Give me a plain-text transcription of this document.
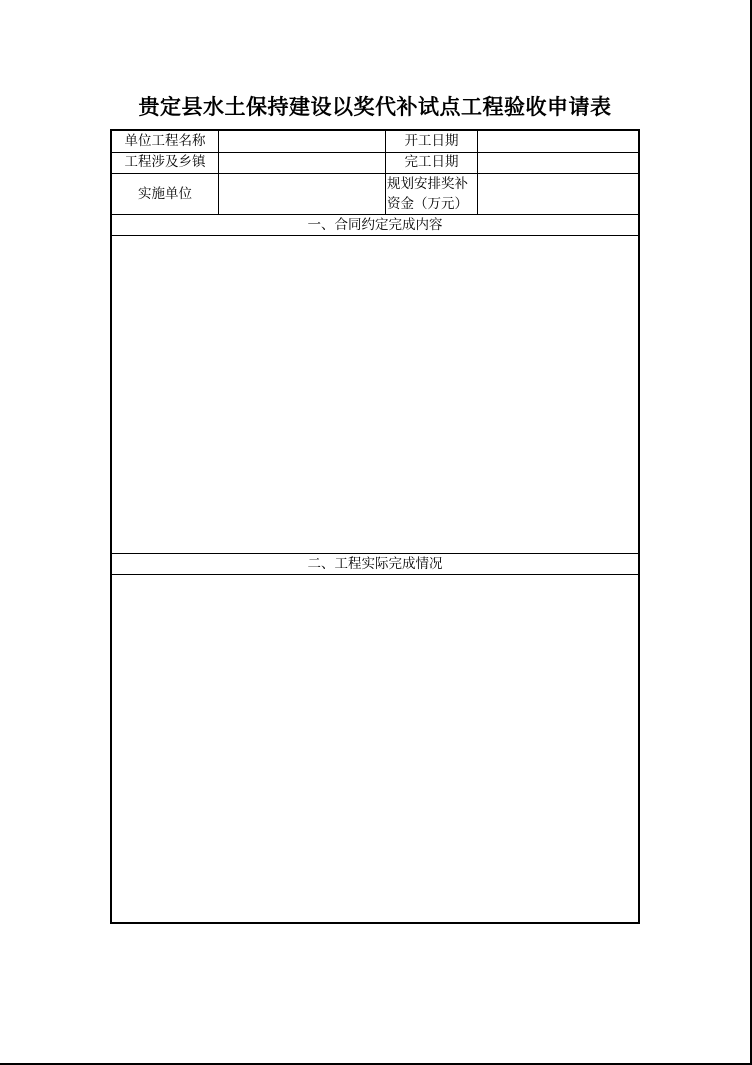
贵定县水土保持建设以奖代补试点工程验收申请表
单位工程名称	开工日期
工程涉及乡镇	完工日期
实施单位
规划安排奖补
资金（万元）
一、合同约定完成内容
二、工程实际完成情况
